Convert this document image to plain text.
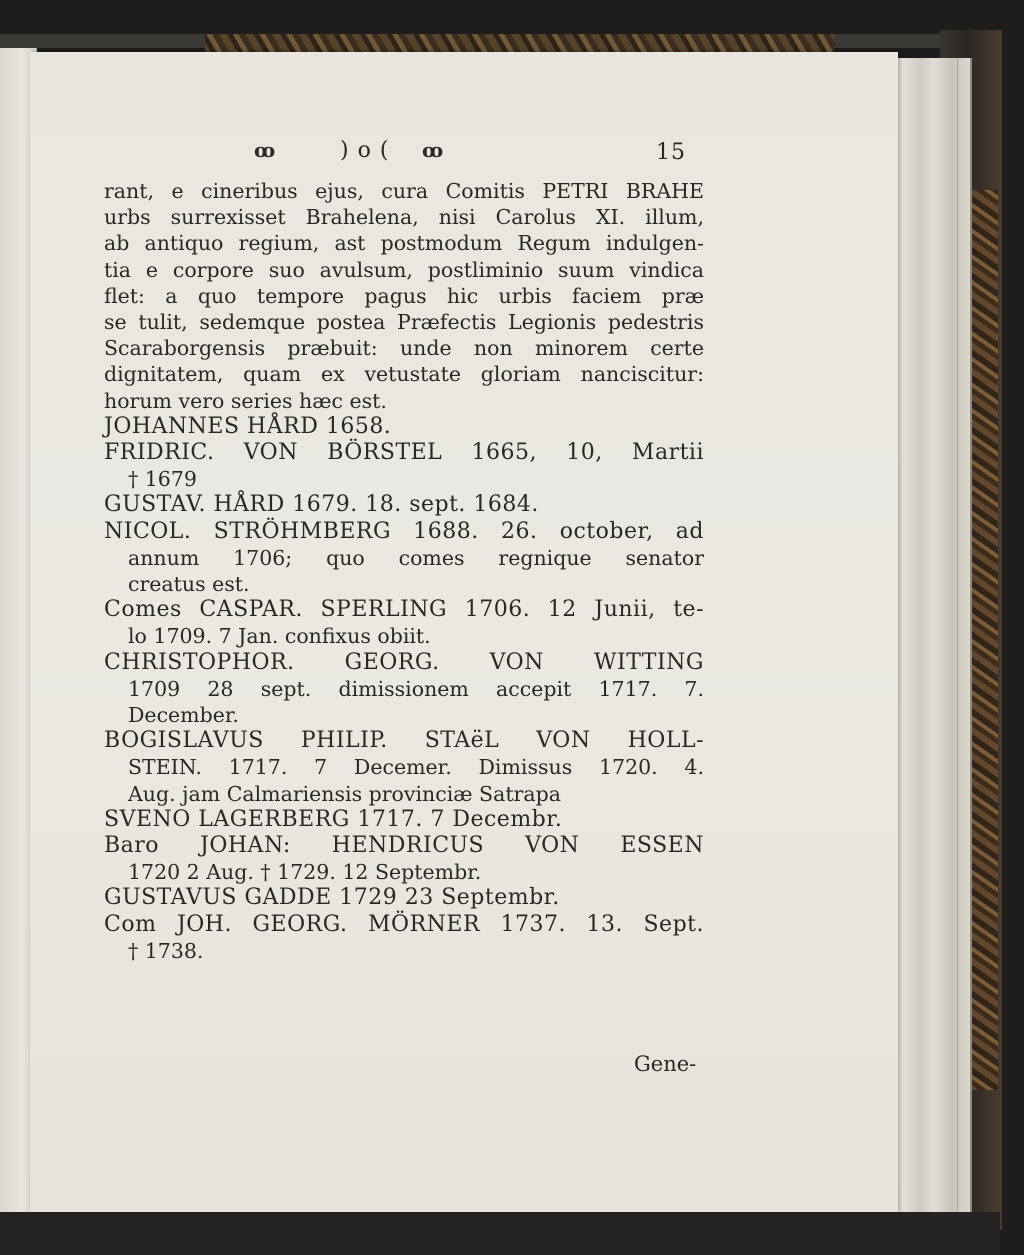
ꝏ	) o ( ꝏ	15
rant, e cineribus ejus, cura Comitis PETRI BRAHE
urbs surrexisset Brahelena, nisi Carolus XI. illum,
ab antiquo regium, ast postmodum Regum indulgen-
tia e corpore suo avulsum, postliminio suum vindica
flet: a quo tempore pagus hic urbis faciem præ
se tulit, sedemque postea Præfectis Legionis pedestris
Scaraborgensis præbuit: unde non minorem certe
dignitatem, quam ex vetustate gloriam nanciscitur:
horum vero series hæc est.
JOHANNES HÅRD 1658.
FRIDRIC. VON BÖRSTEL 1665, 10, Martii
† 1679
GUSTAV. HÅRD 1679. 18. sept. 1684.
NICOL. STRÖHMBERG 1688. 26. october, ad
annum 1706; quo comes regnique senator
creatus est.
Comes CASPAR. SPERLING 1706. 12 Junii, te-
lo 1709. 7 Jan. confixus obiit.
CHRISTOPHOR. GEORG. VON WITTING
1709 28 sept. dimissionem accepit 1717. 7.
December.
BOGISLAVUS PHILIP. STAëL VON HOLL-
STEIN. 1717. 7 Decemer. Dimissus 1720. 4.
Aug. jam Calmariensis provinciæ Satrapa
SVENO LAGERBERG 1717. 7 Decembr.
Baro JOHAN: HENDRICUS VON ESSEN
1720 2 Aug. † 1729. 12 Septembr.
GUSTAVUS GADDE 1729 23 Septembr.
Com JOH. GEORG. MÖRNER 1737. 13. Sept.
† 1738.
Gene-
